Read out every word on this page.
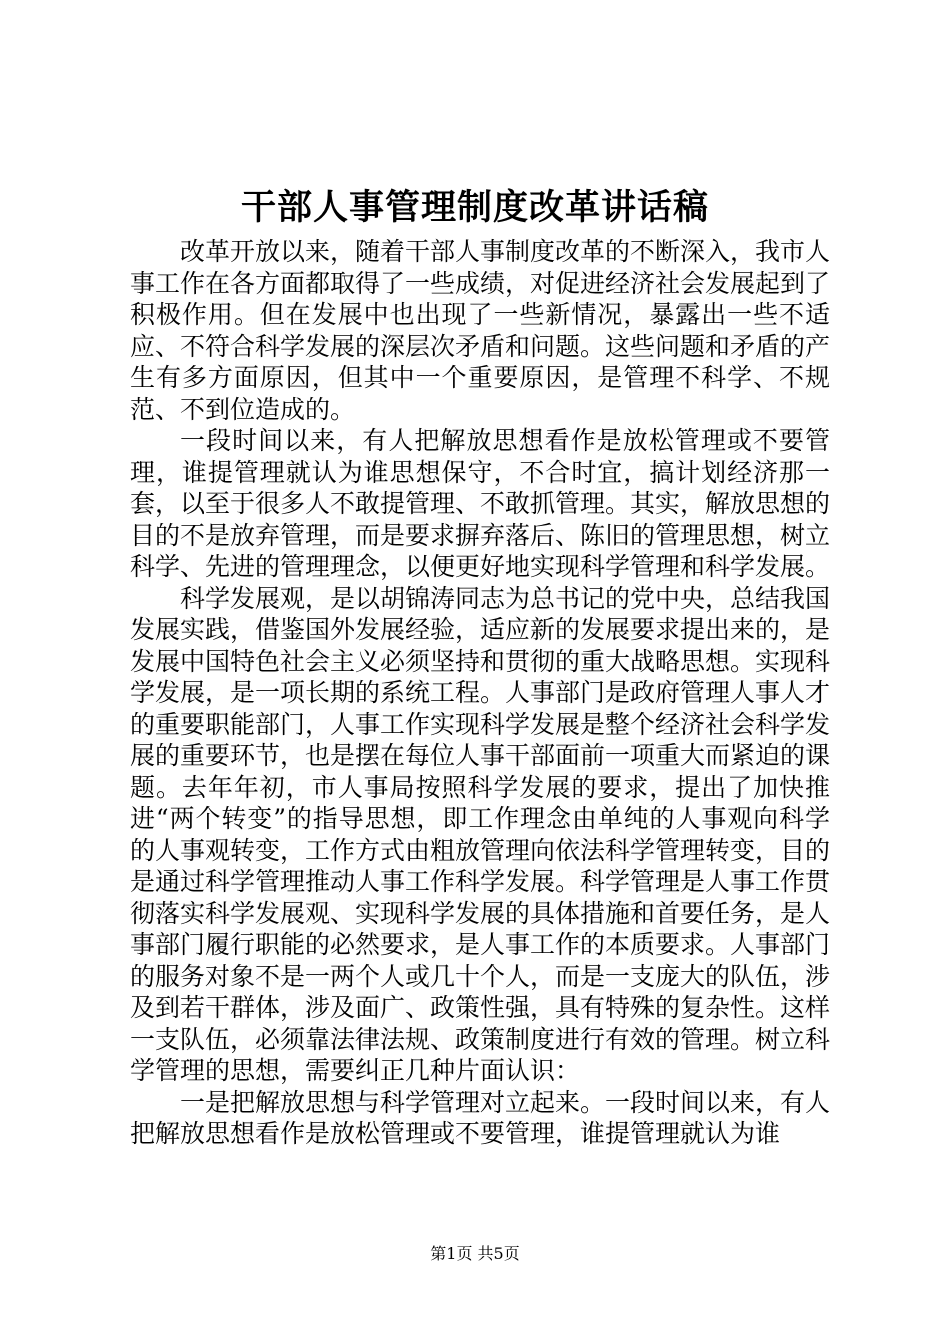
干部人事管理制度改革讲话稿

改革开放以来，随着干部人事制度改革的不断深入，我市人事工作在各方面都取得了一些成绩，对促进经济社会发展起到了积极作用。但在发展中也出现了一些新情况，暴露出一些不适应、不符合科学发展的深层次矛盾和问题。这些问题和矛盾的产生有多方面原因，但其中一个重要原因，是管理不科学、不规范、不到位造成的。

一段时间以来，有人把解放思想看作是放松管理或不要管理，谁提管理就认为谁思想保守，不合时宜，搞计划经济那一套，以至于很多人不敢提管理、不敢抓管理。其实，解放思想的目的不是放弃管理，而是要求摒弃落后、陈旧的管理思想，树立科学、先进的管理理念，以便更好地实现科学管理和科学发展。

科学发展观，是以胡锦涛同志为总书记的党中央，总结我国发展实践，借鉴国外发展经验，适应新的发展要求提出来的，是发展中国特色社会主义必须坚持和贯彻的重大战略思想。实现科学发展，是一项长期的系统工程。人事部门是政府管理人事人才的重要职能部门，人事工作实现科学发展是整个经济社会科学发展的重要环节，也是摆在每位人事干部面前一项重大而紧迫的课题。去年年初，市人事局按照科学发展的要求，提出了加快推进“两个转变”的指导思想，即工作理念由单纯的人事观向科学的人事观转变，工作方式由粗放管理向依法科学管理转变，目的是通过科学管理推动人事工作科学发展。科学管理是人事工作贯彻落实科学发展观、实现科学发展的具体措施和首要任务，是人事部门履行职能的必然要求，是人事工作的本质要求。人事部门的服务对象不是一两个人或几十个人，而是一支庞大的队伍，涉及到若干群体，涉及面广、政策性强，具有特殊的复杂性。这样一支队伍，必须靠法律法规、政策制度进行有效的管理。树立科学管理的思想，需要纠正几种片面认识：

一是把解放思想与科学管理对立起来。一段时间以来，有人把解放思想看作是放松管理或不要管理，谁提管理就认为谁

第1页 共5页
